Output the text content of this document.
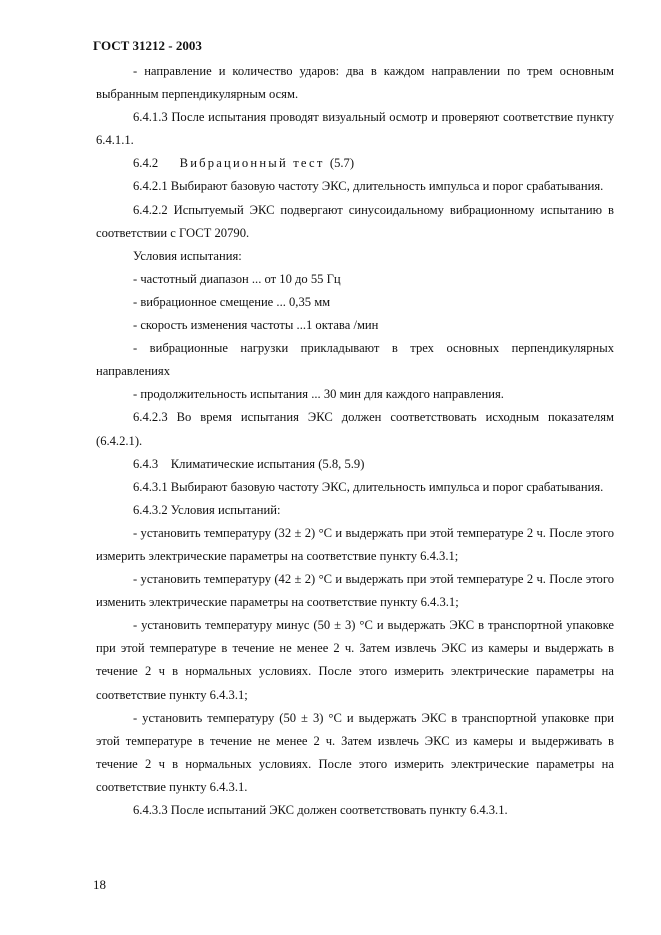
ГОСТ 31212 - 2003

- направление и количество ударов: два в каждом направлении по трем основным выбранным перпендикулярным осям.

6.4.1.3 После испытания проводят визуальный осмотр и проверяют соответствие пункту 6.4.1.1.

6.4.2 Вибрационный тест (5.7)

6.4.2.1 Выбирают базовую частоту ЭКС, длительность импульса и порог срабатывания.

6.4.2.2 Испытуемый ЭКС подвергают синусоидальному вибрационному испытанию в соответствии с ГОСТ 20790.

Условия испытания:

- частотный диапазон ... от 10 до 55 Гц

- вибрационное смещение ... 0,35 мм

- скорость изменения частоты ...1 октава /мин

- вибрационные нагрузки прикладывают в трех основных перпендикулярных направлениях

- продолжительность испытания ... 30 мин для каждого направления.

6.4.2.3 Во время испытания ЭКС должен соответствовать исходным показателям (6.4.2.1).

6.4.3    Климатические испытания (5.8, 5.9)

6.4.3.1 Выбирают базовую частоту ЭКС, длительность импульса и порог срабатывания.

6.4.3.2 Условия испытаний:

- установить температуру (32 ± 2) °С и выдержать при этой температуре 2 ч. После этого измерить электрические параметры на соответствие пункту 6.4.3.1;

- установить температуру (42 ± 2) °С и выдержать при этой температуре 2 ч. После этого изменить электрические параметры на соответствие пункту 6.4.3.1;

- установить температуру минус (50 ± 3) °С и выдержать ЭКС в транспортной упаковке при этой температуре в течение не менее 2 ч. Затем извлечь ЭКС из камеры и выдержать в течение 2 ч в нормальных условиях. После этого измерить электрические параметры на соответствие пункту 6.4.3.1;

- установить температуру (50 ± 3) °С и выдержать ЭКС в транспортной упаковке при этой температуре в течение не менее 2 ч. Затем извлечь ЭКС из камеры и выдерживать в течение 2 ч в нормальных условиях. После этого измерить электрические параметры на соответствие пункту 6.4.3.1.

6.4.3.3 После испытаний ЭКС должен соответствовать пункту 6.4.3.1.

18
